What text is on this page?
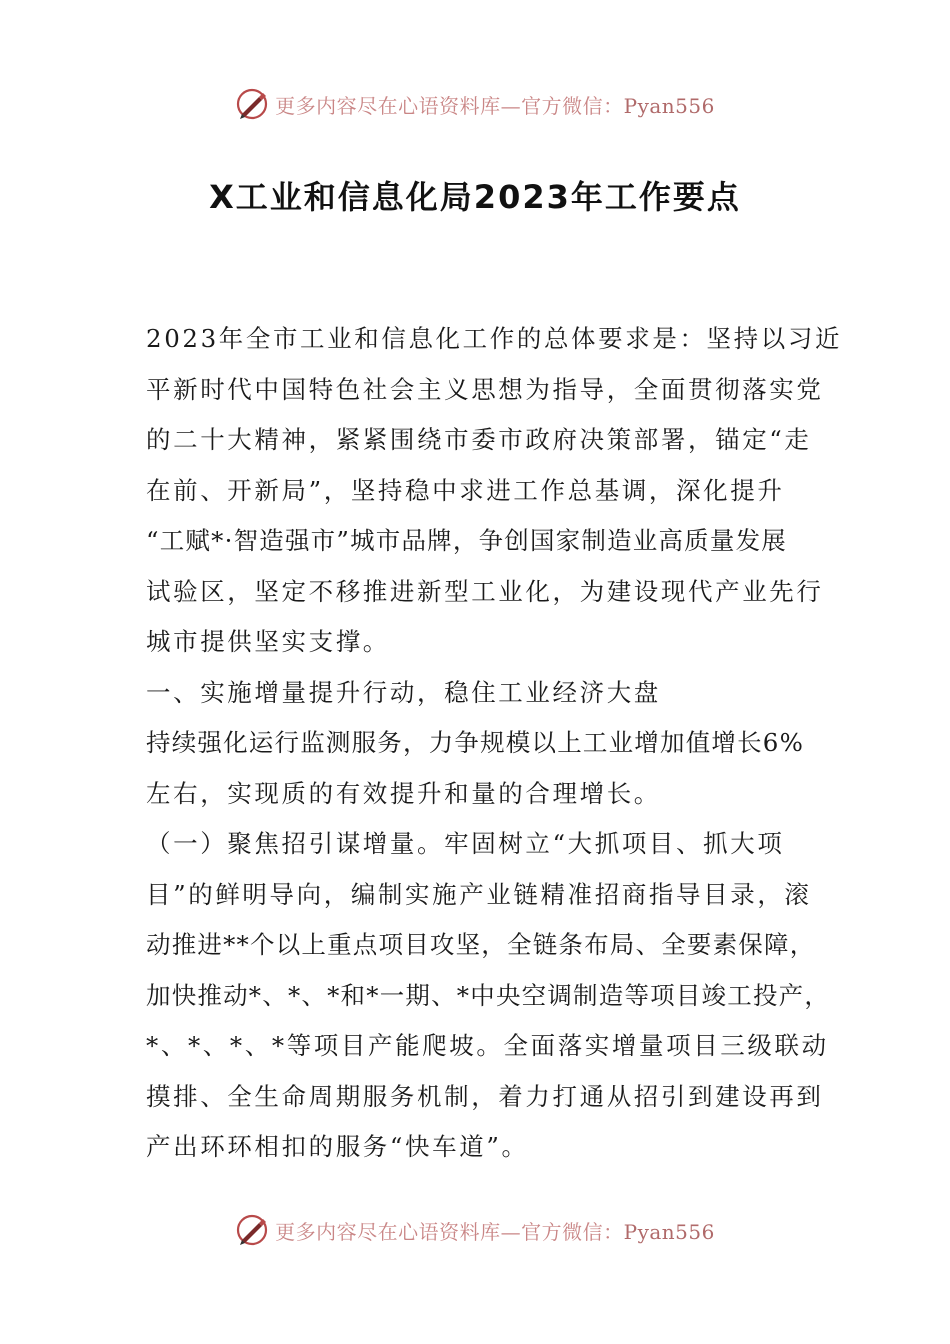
更多内容尽在心语资料库—官方微信：Pyan556
X工业和信息化局2023年工作要点
2023年全市工业和信息化工作的总体要求是：坚持以习近
平新时代中国特色社会主义思想为指导，全面贯彻落实党
的二十大精神，紧紧围绕市委市政府决策部署，锚定“走
在前、开新局”，坚持稳中求进工作总基调，深化提升
“工赋*·智造强市”城市品牌，争创国家制造业高质量发展
试验区，坚定不移推进新型工业化，为建设现代产业先行
城市提供坚实支撑。
一、实施增量提升行动，稳住工业经济大盘
持续强化运行监测服务，力争规模以上工业增加值增长6%
左右，实现质的有效提升和量的合理增长。
（一）聚焦招引谋增量。牢固树立“大抓项目、抓大项
目”的鲜明导向，编制实施产业链精准招商指导目录，滚
动推进**个以上重点项目攻坚，全链条布局、全要素保障，
加快推动*、*、*和*一期、*中央空调制造等项目竣工投产，
*、*、*、*等项目产能爬坡。全面落实增量项目三级联动
摸排、全生命周期服务机制，着力打通从招引到建设再到
产出环环相扣的服务“快车道”。
更多内容尽在心语资料库—官方微信：Pyan556
